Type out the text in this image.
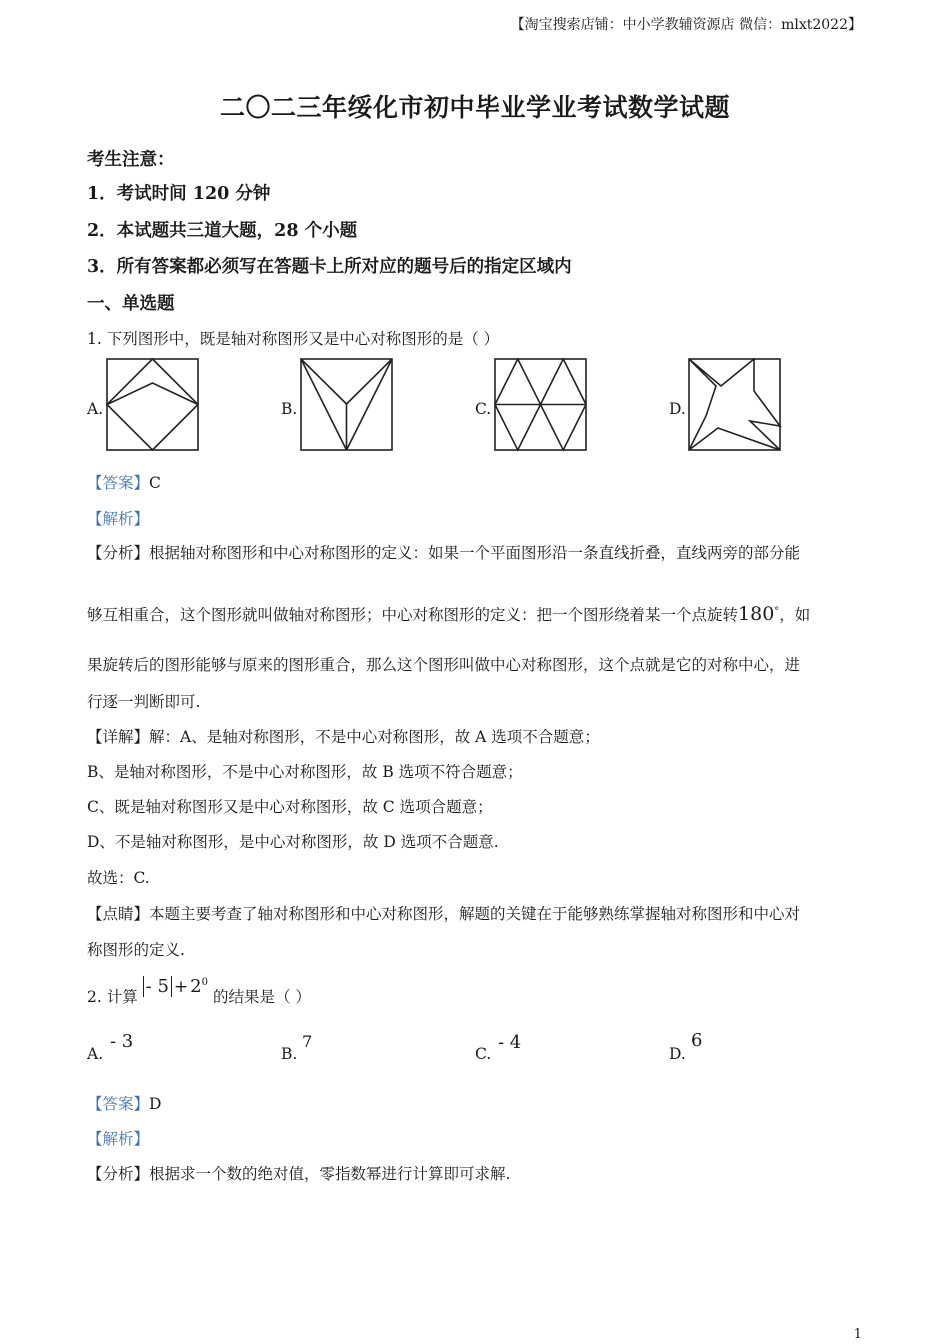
【淘宝搜索店铺：中小学教辅资源店 微信：mlxt2022】
二〇二三年绥化市初中毕业学业考试数学试题
考生注意：
1．考试时间 120 分钟
2．本试题共三道大题，28 个小题
3．所有答案都必须写在答题卡上所对应的题号后的指定区域内
一、单选题
1. 下列图形中，既是轴对称图形又是中心对称图形的是（ ）
A.	B.	C.	D.
【答案】C
【解析】
【分析】根据轴对称图形和中心对称图形的定义：如果一个平面图形沿一条直线折叠，直线两旁的部分能
够互相重合，这个图形就叫做轴对称图形；中心对称图形的定义：把一个图形绕着某一个点旋转180°，如
果旋转后的图形能够与原来的图形重合，那么这个图形叫做中心对称图形，这个点就是它的对称中心，进
行逐一判断即可.
【详解】解：A、是轴对称图形，不是中心对称图形，故 A 选项不合题意；
B、是轴对称图形，不是中心对称图形，故 B 选项不符合题意；
C、既是轴对称图形又是中心对称图形，故 C 选项合题意；
D、不是轴对称图形，是中心对称图形，故 D 选项不合题意.
故选：C.
【点睛】本题主要考查了轴对称图形和中心对称图形，解题的关键在于能够熟练掌握轴对称图形和中心对
称图形的定义.
2. 计算 - $5 + 2^0$ 的结果是（ ）
A.
- 3
B.
7
C.
- 4
D.
6
【答案】D
【解析】
【分析】根据求一个数的绝对值，零指数幂进行计算即可求解.
1
